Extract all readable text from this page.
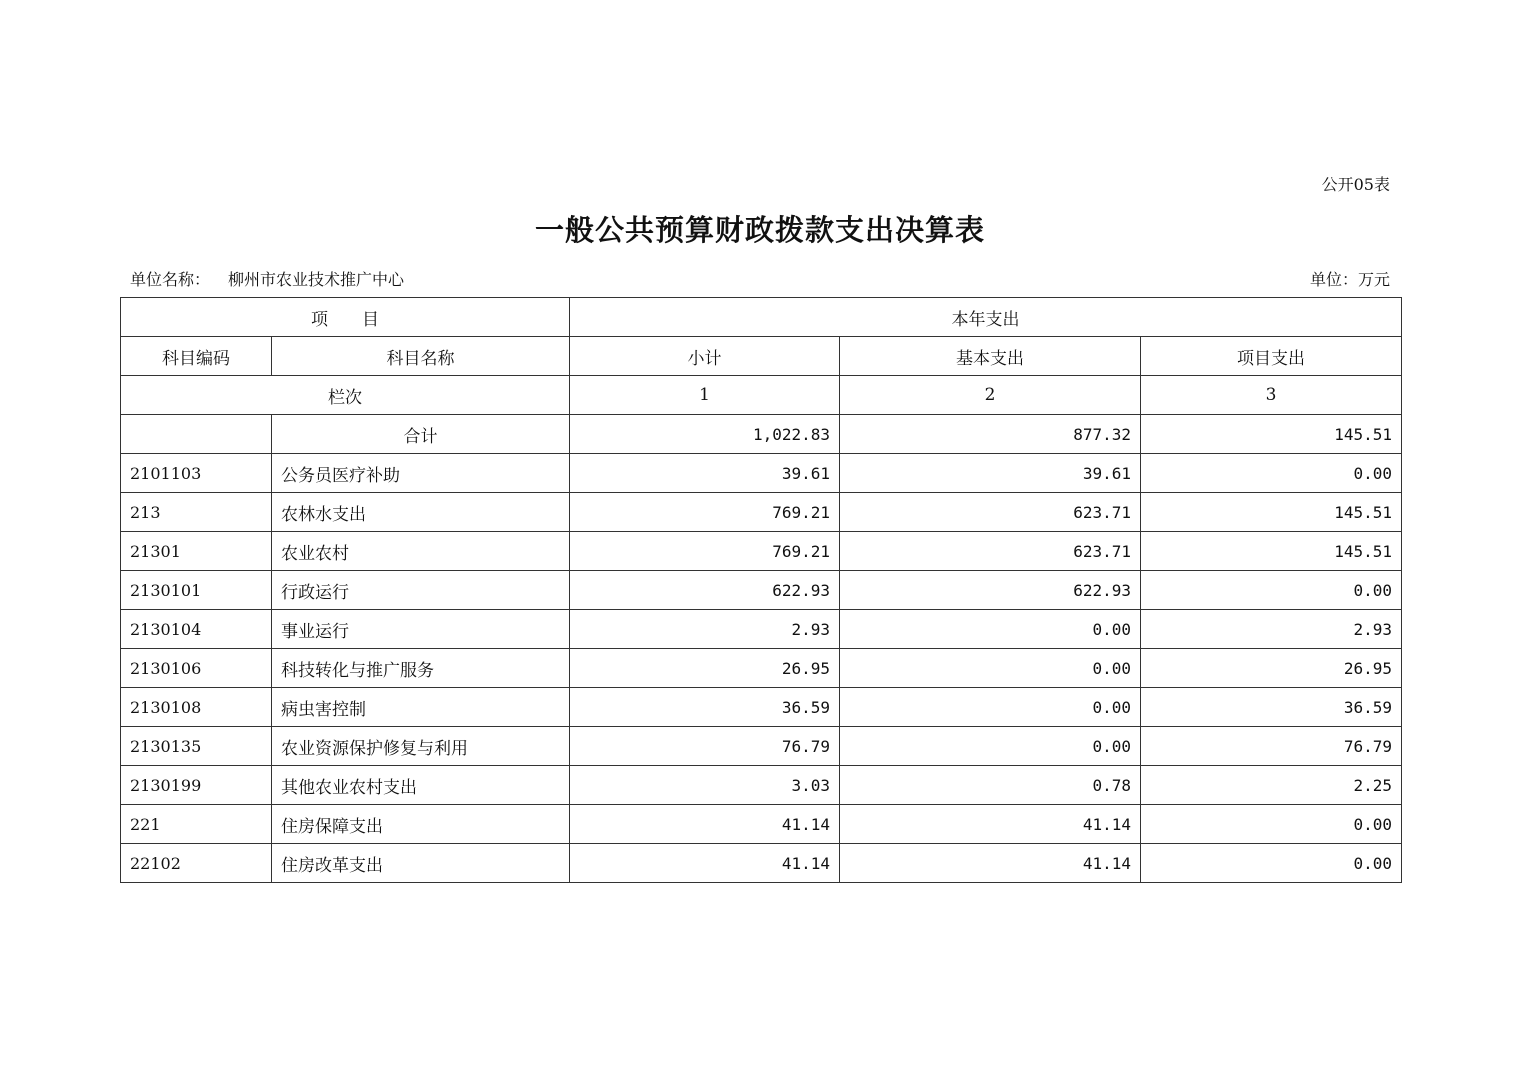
公开05表
一般公共预算财政拨款支出决算表
单位名称： 柳州市农业技术推广中心	单位：万元
项　　目		本年支出		
科目编码	科目名称	小计	基本支出	项目支出
栏次		1	2	3
	合计	1,022.83	877.32	145.51
2101103	公务员医疗补助	39.61	39.61	0.00
213	农林水支出	769.21	623.71	145.51
21301	农业农村	769.21	623.71	145.51
2130101	行政运行	622.93	622.93	0.00
2130104	事业运行	2.93	0.00	2.93
2130106	科技转化与推广服务	26.95	0.00	26.95
2130108	病虫害控制	36.59	0.00	36.59
2130135	农业资源保护修复与利用	76.79	0.00	76.79
2130199	其他农业农村支出	3.03	0.78	2.25
221	住房保障支出	41.14	41.14	0.00
22102	住房改革支出	41.14	41.14	0.00
